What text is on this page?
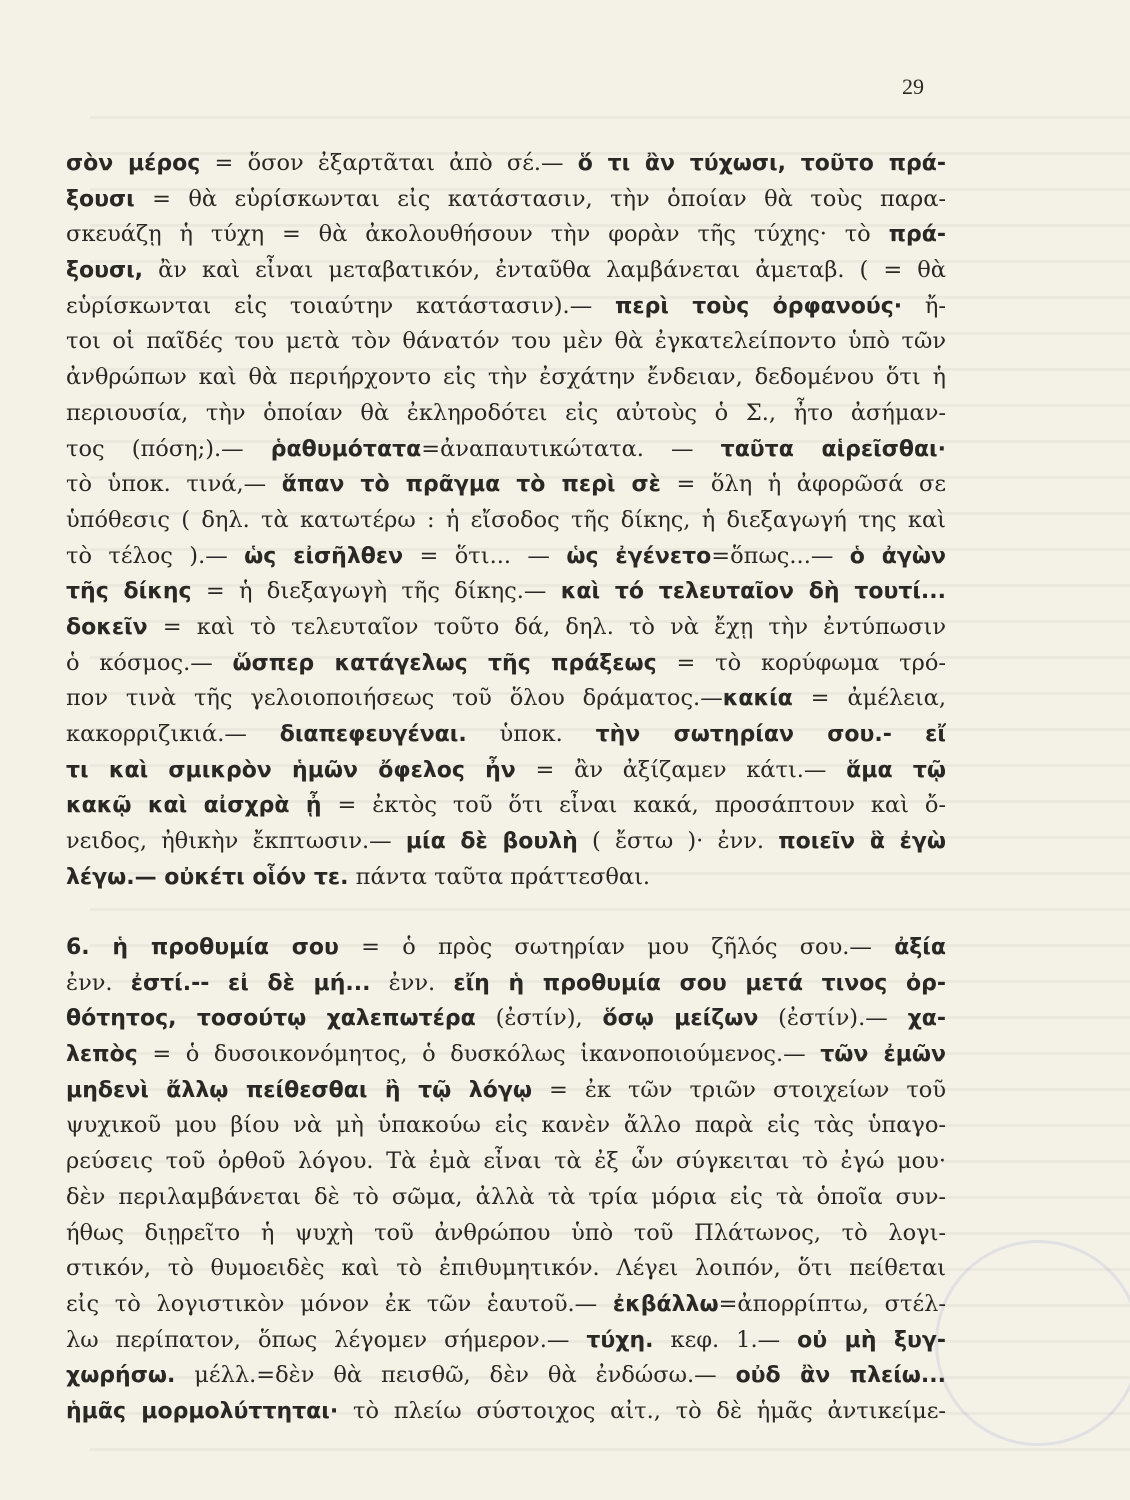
29
σὸν μέρος = ὅσον ἐξαρτᾶται ἀπὸ σέ.— ὅ τι ἂν τύχωσι, τοῦτο πρά-
ξουσι = θὰ εὑρίσκωνται εἰς κατάστασιν, τὴν ὁποίαν θὰ τοὺς παρα-
σκευάζῃ ἡ τύχη = θὰ ἀκολουθήσουν τὴν φορὰν τῆς τύχης· τὸ πρά-
ξουσι, ἂν καὶ εἶναι μεταβατικόν, ἐνταῦθα λαμβάνεται ἀμεταβ. ( = θὰ
εὑρίσκωνται εἰς τοιαύτην κατάστασιν).— περὶ τοὺς ὀρφανούς· ἤ-
τοι οἱ παῖδές του μετὰ τὸν θάνατόν του μὲν θὰ ἐγκατελείποντο ὑπὸ τῶν
ἀνθρώπων καὶ θὰ περιήρχοντο εἰς τὴν ἐσχάτην ἔνδειαν, δεδομένου ὅτι ἡ
περιουσία, τὴν ὁποίαν θὰ ἐκληροδότει εἰς αὐτοὺς ὁ Σ., ἦτο ἀσήμαν-
τος (πόση;).— ῥαθυμότατα=ἀναπαυτικώτατα. — ταῦτα αἱρεῖσθαι·
τὸ ὑποκ. τινά,— ἅπαν τὸ πρᾶγμα τὸ περὶ σὲ = ὅλη ἡ ἀφορῶσά σε
ὑπόθεσις ( δηλ. τὰ κατωτέρω : ἡ εἴσοδος τῆς δίκης, ἡ διεξαγωγή της καὶ
τὸ τέλος ).— ὡς εἰσῆλθεν = ὅτι... — ὡς ἐγένετο=ὅπως...— ὁ ἀγὼν
τῆς δίκης = ἡ διεξαγωγὴ τῆς δίκης.— καὶ τό τελευταῖον δὴ τουτί...
δοκεῖν = καὶ τὸ τελευταῖον τοῦτο δά, δηλ. τὸ νὰ ἔχῃ τὴν ἐντύπωσιν
ὁ κόσμος.— ὥσπερ κατάγελως τῆς πράξεως = τὸ κορύφωμα τρό-
πον τινὰ τῆς γελοιοποιήσεως τοῦ ὅλου δράματος.—κακία = ἀμέλεια,
κακορριζικιά.— διαπεφευγέναι. ὑποκ. τὴν σωτηρίαν σου.- εἴ
τι καὶ σμικρὸν ἡμῶν ὄφελος ἦν = ἂν ἀξίζαμεν κάτι.— ἅμα τῷ
κακῷ καὶ αἰσχρὰ ᾖ = ἐκτὸς τοῦ ὅτι εἶναι κακά, προσάπτουν καὶ ὄ-
νειδος, ἠθικὴν ἔκπτωσιν.— μία δὲ βουλὴ ( ἔστω )· ἐνν. ποιεῖν ἃ ἐγὼ
λέγω.— οὐκέτι οἷόν τε. πάντα ταῦτα πράττεσθαι.
6. ἡ προθυμία σου = ὁ πρὸς σωτηρίαν μου ζῆλός σου.— ἀξία
ἐνν. ἐστί.-- εἰ δὲ μή... ἐνν. εἴη ἡ προθυμία σου μετά τινος ὀρ-
θότητος, τοσούτῳ χαλεπωτέρα (ἐστίν), ὅσῳ μείζων (ἐστίν).— χα-
λεπὸς = ὁ δυσοικονόμητος, ὁ δυσκόλως ἱκανοποιούμενος.— τῶν ἐμῶν
μηδενὶ ἄλλῳ πείθεσθαι ἢ τῷ λόγῳ = ἐκ τῶν τριῶν στοιχείων τοῦ
ψυχικοῦ μου βίου νὰ μὴ ὑπακούω εἰς κανὲν ἄλλο παρὰ εἰς τὰς ὑπαγο-
ρεύσεις τοῦ ὀρθοῦ λόγου. Τὰ ἐμὰ εἶναι τὰ ἐξ ὧν σύγκειται τὸ ἐγώ μου·
δὲν περιλαμβάνεται δὲ τὸ σῶμα, ἀλλὰ τὰ τρία μόρια εἰς τὰ ὁποῖα συν-
ήθως διῃρεῖτο ἡ ψυχὴ τοῦ ἀνθρώπου ὑπὸ τοῦ Πλάτωνος, τὸ λογι-
στικόν, τὸ θυμοειδὲς καὶ τὸ ἐπιθυμητικόν. Λέγει λοιπόν, ὅτι πείθεται
εἰς τὸ λογιστικὸν μόνον ἐκ τῶν ἑαυτοῦ.— ἐκβάλλω=ἀπορρίπτω, στέλ-
λω περίπατον, ὅπως λέγομεν σήμερον.— τύχη. κεφ. 1.— οὐ μὴ ξυγ-
χωρήσω. μέλλ.=δὲν θὰ πεισθῶ, δὲν θὰ ἐνδώσω.— οὐδ ἂν πλείω...
ἡμᾶς μορμολύττηται· τὸ πλείω σύστοιχος αἰτ., τὸ δὲ ἡμᾶς ἀντικείμε-
